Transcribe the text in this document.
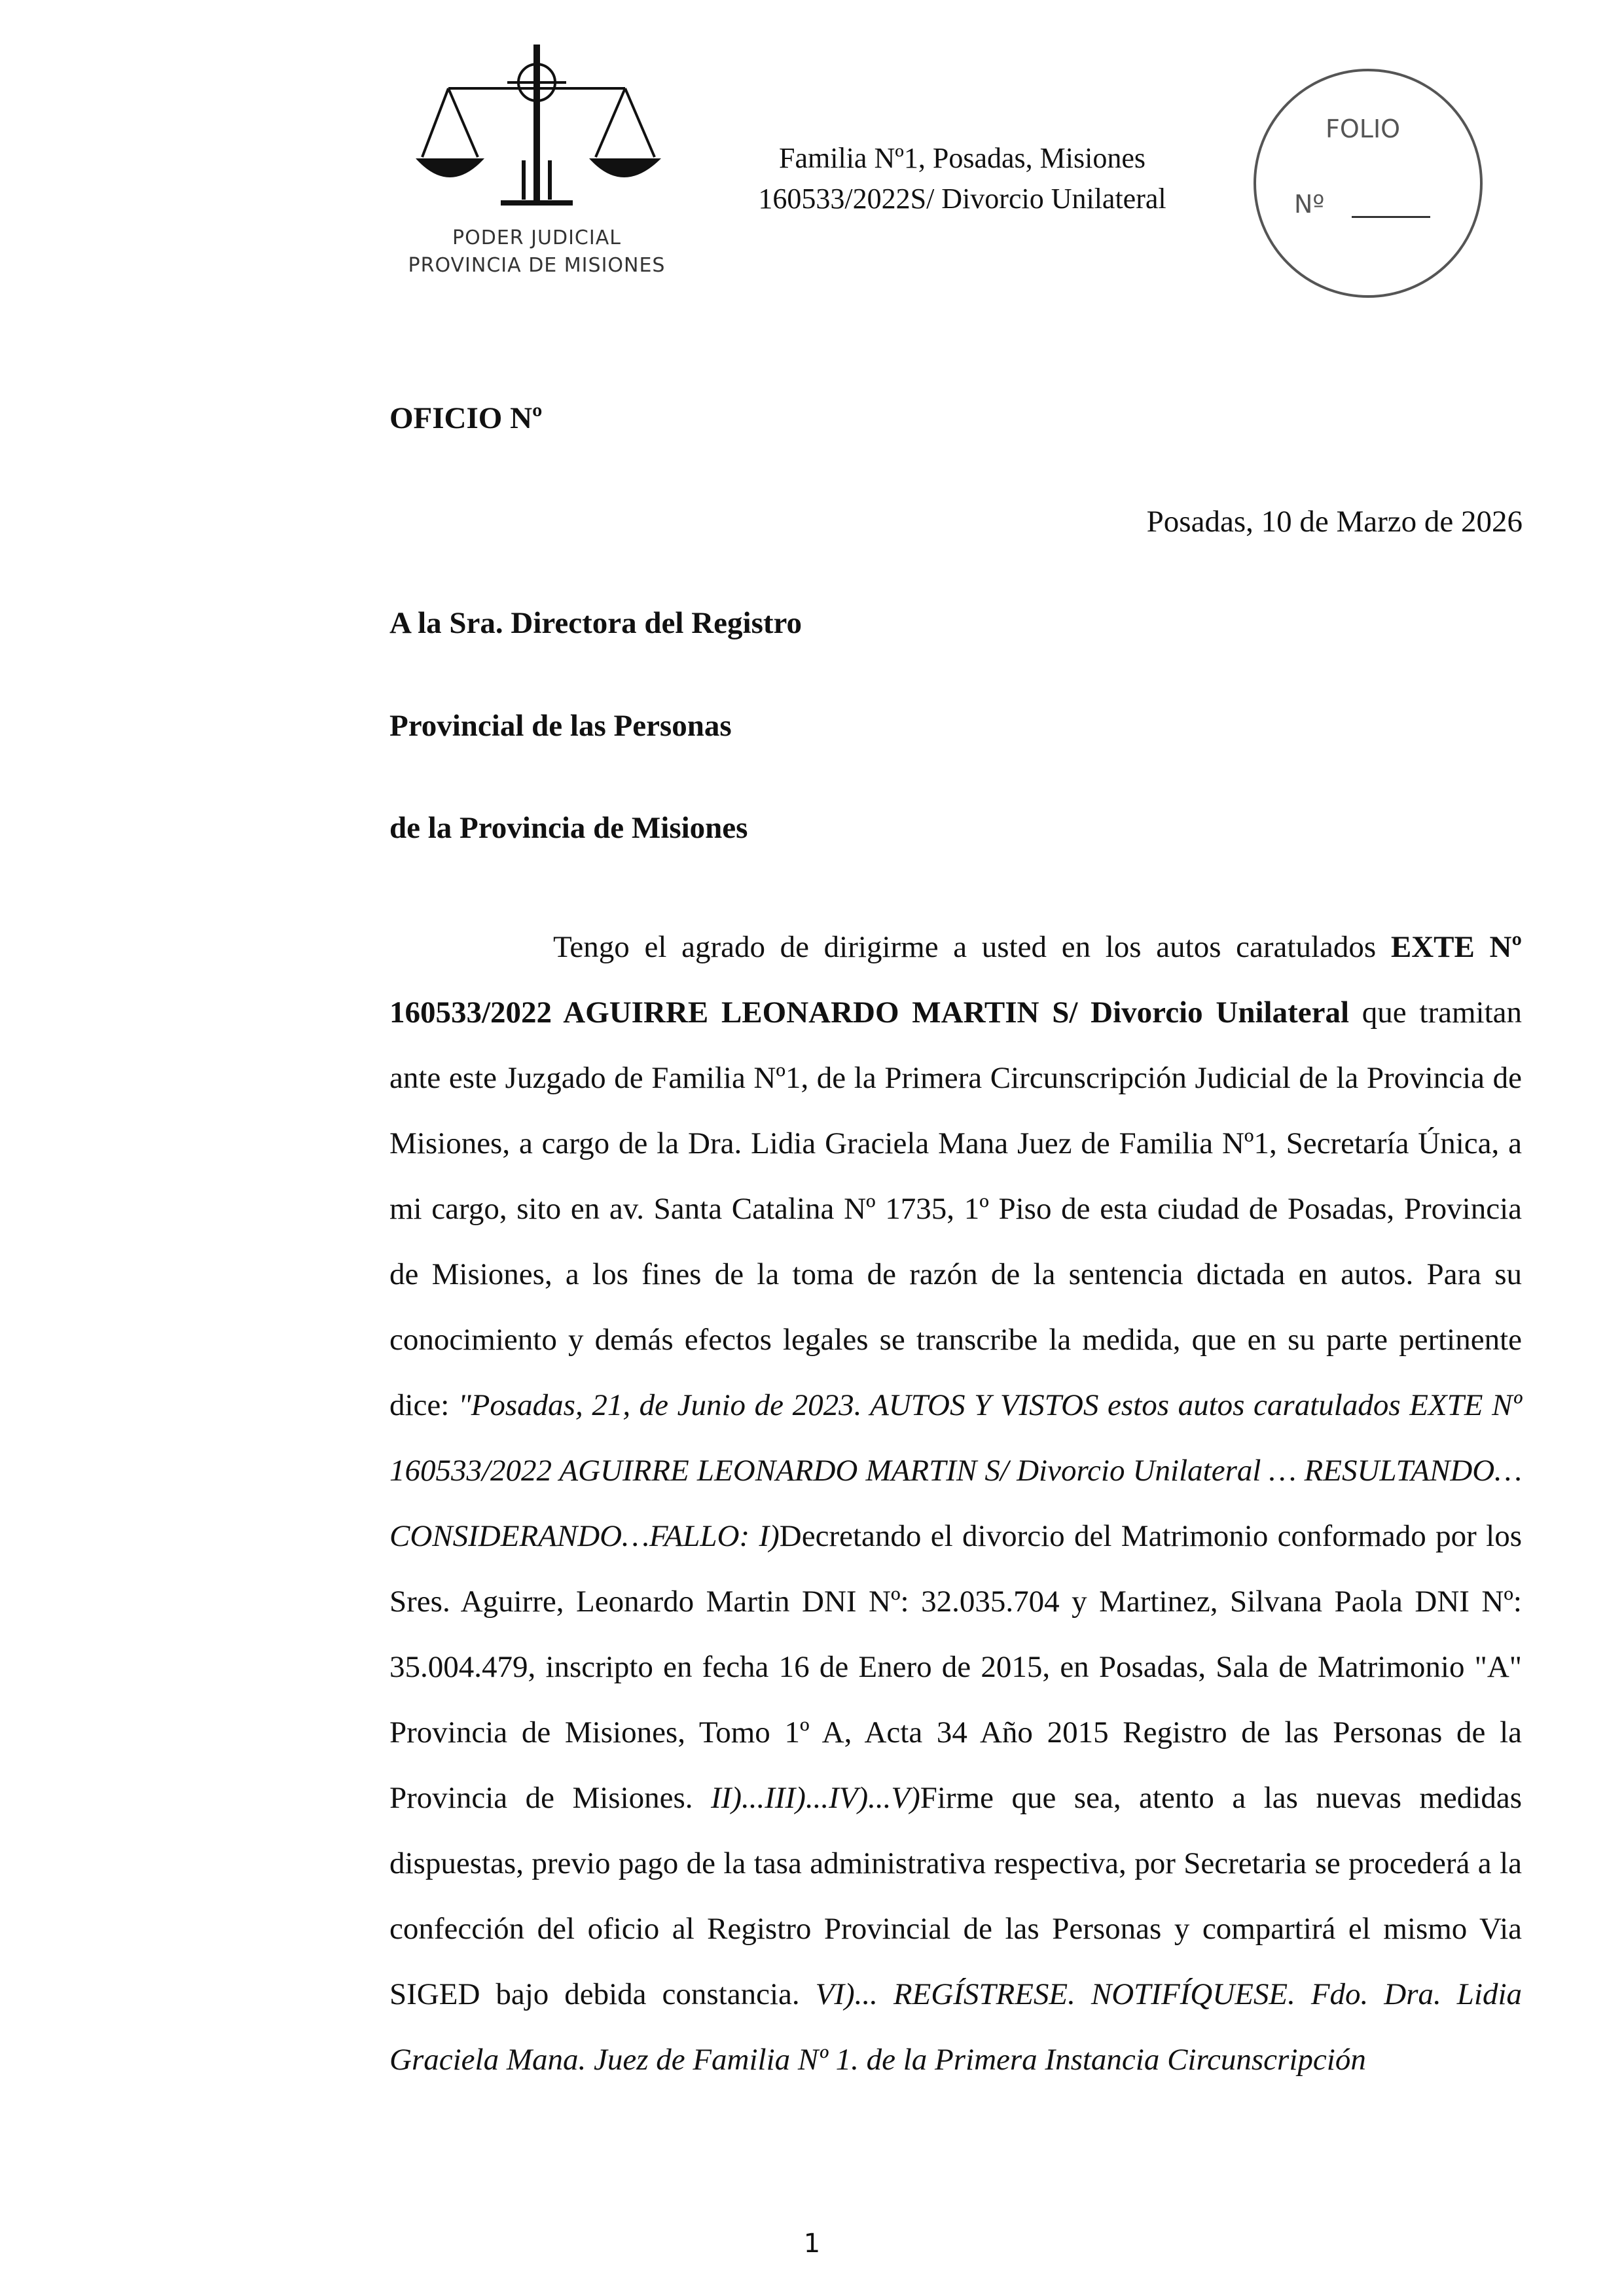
PODER JUDICIAL
PROVINCIA DE MISIONES
Familia Nº1, Posadas, Misiones
160533/2022S/ Divorcio Unilateral
FOLIO
Nº
OFICIO Nº
Posadas, 10 de Marzo de 2026
A la Sra. Directora del Registro
Provincial de las Personas
de la Provincia de Misiones

Tengo el agrado de dirigirme a usted en los autos caratulados EXTE Nº 160533/2022 AGUIRRE LEONARDO MARTIN S/ Divorcio Unilateral que tramitan ante este Juzgado de Familia Nº1, de la Primera Circunscripción Judicial de la Provincia de Misiones, a cargo de la Dra. Lidia Graciela Mana Juez de Familia Nº1, Secretaría Única, a mi cargo, sito en av. Santa Catalina Nº 1735, 1º Piso de esta ciudad de Posadas, Provincia de Misiones, a los fines de la toma de razón de la sentencia dictada en autos. Para su conocimiento y demás efectos legales se transcribe la medida, que en su parte pertinente dice: "Posadas, 21, de Junio de 2023. AUTOS Y VISTOS estos autos caratulados EXTE Nº 160533/2022 AGUIRRE LEONARDO MARTIN S/ Divorcio Unilateral … RESULTANDO…CONSIDERANDO…FALLO: I)Decretando el divorcio del Matrimonio conformado por los Sres. Aguirre, Leonardo Martin DNI Nº: 32.035.704 y Martinez, Silvana Paola DNI Nº: 35.004.479, inscripto en fecha 16 de Enero de 2015, en Posadas, Sala de Matrimonio "A" Provincia de Misiones, Tomo 1º A, Acta 34 Año 2015 Registro de las Personas de la Provincia de Misiones. II)...III)...IV)...V)Firme que sea, atento a las nuevas medidas dispuestas, previo pago de la tasa administrativa respectiva, por Secretaria se procederá a la confección del oficio al Registro Provincial de las Personas y compartirá el mismo Via SIGED bajo debida constancia. VI)... REGÍSTRESE. NOTIFÍQUESE. Fdo. Dra. Lidia Graciela Mana. Juez de Familia Nº 1. de la Primera Instancia Circunscripción

1
